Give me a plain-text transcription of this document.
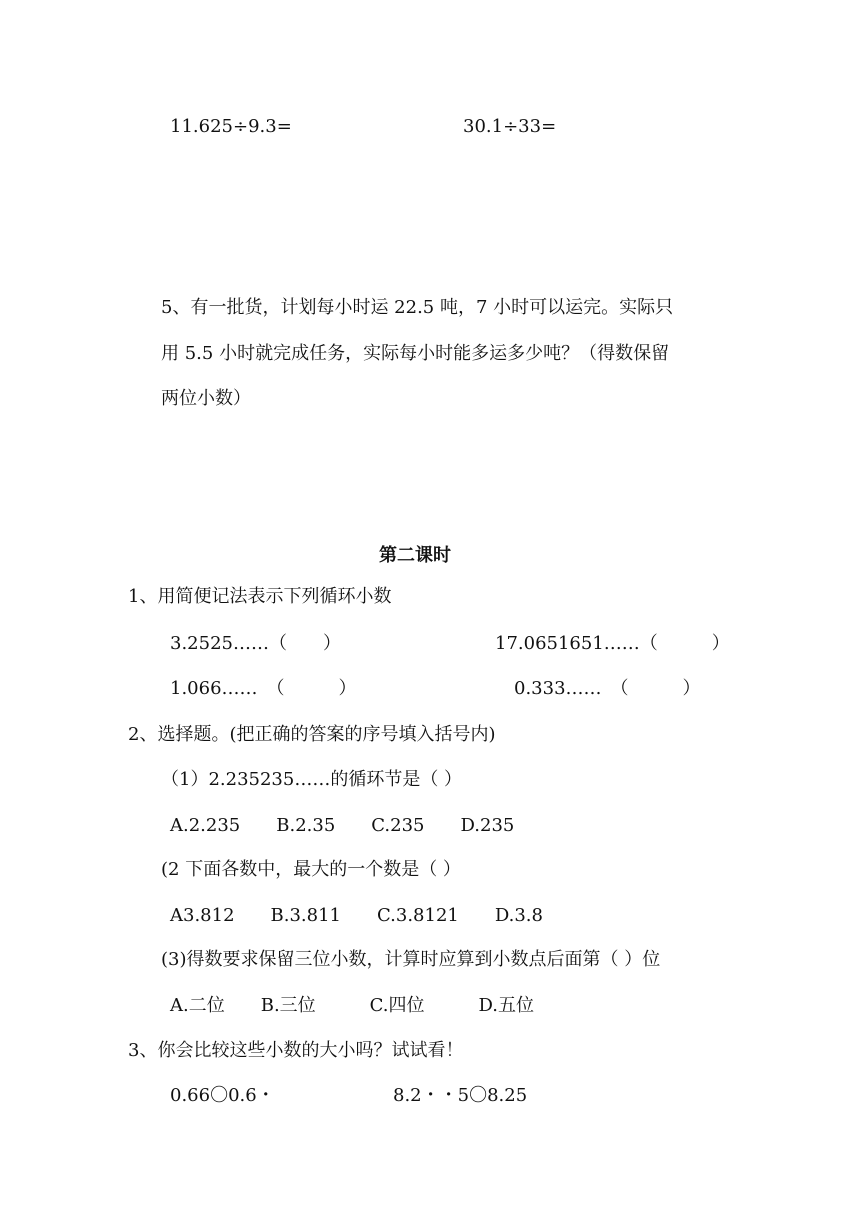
11.625÷9.3=	30.1÷33=
5、有一批货，计划每小时运 22.5 吨，7 小时可以运完。实际只
用 5.5 小时就完成任务，实际每小时能多运多少吨？（得数保留
两位小数）
第二课时
1、用简便记法表示下列循环小数
3.2525……（　　）	17.0651651……（　　　）
1.066……　（　　　）	0.333……　（　　　）
2、选择题。(把正确的答案的序号填入括号内)
（1）2.235235……的循环节是（ ）
A.2.235　　B.2.35　　C.235　　D.235
(2 下面各数中，最大的一个数是（ ）
A3.812　　B.3.811　　C.3.8121　　D.3.8
(3)得数要求保留三位小数，计算时应算到小数点后面第（ ）位
A.二位　　B.三位　　　C.四位　　　D.五位
3、你会比较这些小数的大小吗？试试看！
0.66〇0.6・	8.2・・5〇8.25
